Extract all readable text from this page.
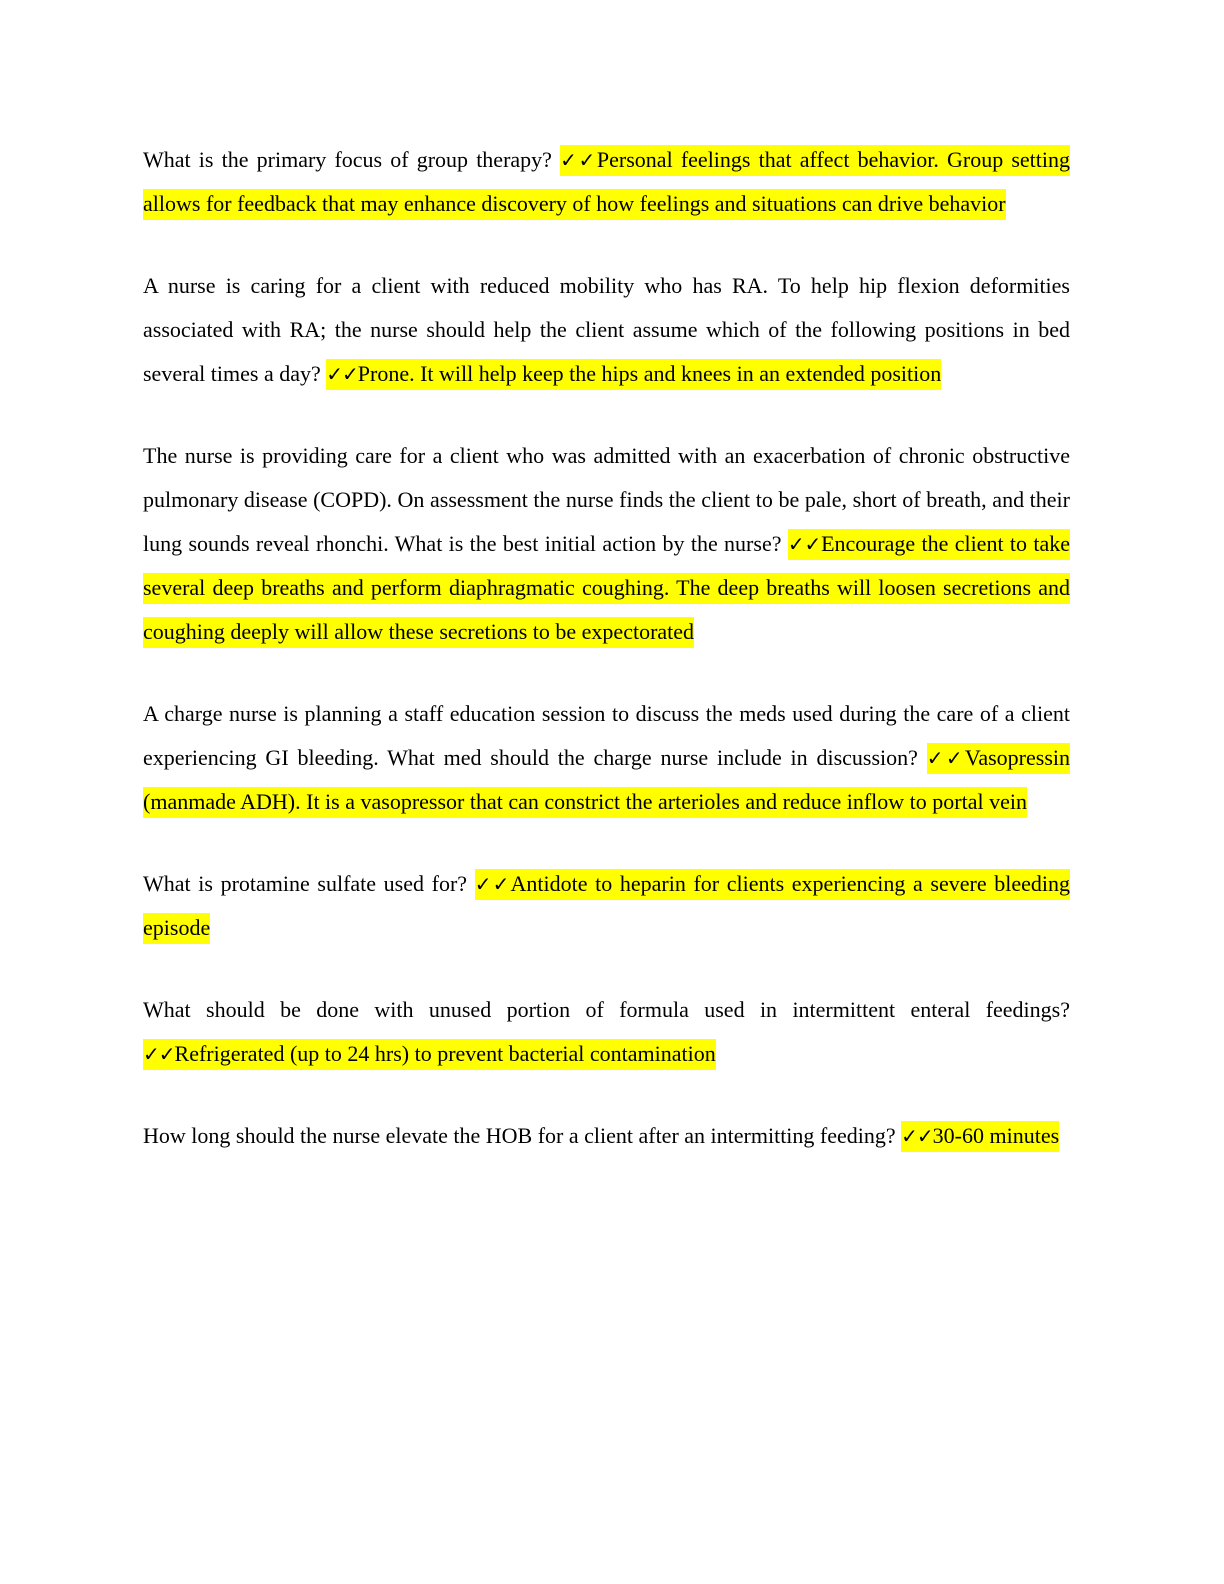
What is the primary focus of group therapy? ✓✓Personal feelings that affect behavior. Group setting allows for feedback that may enhance discovery of how feelings and situations can drive behavior

A nurse is caring for a client with reduced mobility who has RA. To help hip flexion deformities associated with RA; the nurse should help the client assume which of the following positions in bed several times a day? ✓✓Prone. It will help keep the hips and knees in an extended position

The nurse is providing care for a client who was admitted with an exacerbation of chronic obstructive pulmonary disease (COPD). On assessment the nurse finds the client to be pale, short of breath, and their lung sounds reveal rhonchi. What is the best initial action by the nurse? ✓✓Encourage the client to take several deep breaths and perform diaphragmatic coughing. The deep breaths will loosen secretions and coughing deeply will allow these secretions to be expectorated

A charge nurse is planning a staff education session to discuss the meds used during the care of a client experiencing GI bleeding. What med should the charge nurse include in discussion? ✓✓Vasopressin (manmade ADH). It is a vasopressor that can constrict the arterioles and reduce inflow to portal vein

What is protamine sulfate used for? ✓✓Antidote to heparin for clients experiencing a severe bleeding episode

What should be done with unused portion of formula used in intermittent enteral feedings? ✓✓Refrigerated (up to 24 hrs) to prevent bacterial contamination

How long should the nurse elevate the HOB for a client after an intermitting feeding? ✓✓30-60 minutes
